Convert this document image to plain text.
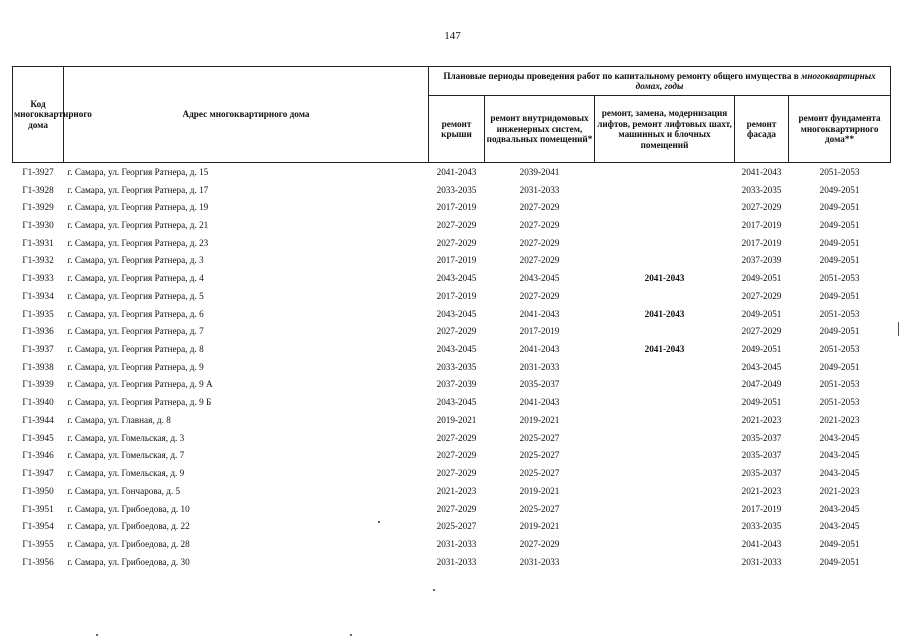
147
Код многоквартирного дома	Адрес многоквартирного дома	Плановые периоды проведения работ по капитальному ремонту общего имущества в многоквартирных домах, годы				
		ремонт крыши	ремонт внутридомовых инженерных систем, подвальных помещений*	ремонт, замена, модернизация лифтов, ремонт лифтовых шахт, машинных и блочных помещений	ремонт фасада	ремонт фундамента многоквартирного дома**
Г1-3927	г. Самара, ул. Георгия Ратнера, д. 15	2041-2043	2039-2041		2041-2043	2051-2053
Г1-3928	г. Самара, ул. Георгия Ратнера, д. 17	2033-2035	2031-2033		2033-2035	2049-2051
Г1-3929	г. Самара, ул. Георгия Ратнера, д. 19	2017-2019	2027-2029		2027-2029	2049-2051
Г1-3930	г. Самара, ул. Георгия Ратнера, д. 21	2027-2029	2027-2029		2017-2019	2049-2051
Г1-3931	г. Самара, ул. Георгия Ратнера, д. 23	2027-2029	2027-2029		2017-2019	2049-2051
Г1-3932	г. Самара, ул. Георгия Ратнера, д. 3	2017-2019	2027-2029		2037-2039	2049-2051
Г1-3933	г. Самара, ул. Георгия Ратнера, д. 4	2043-2045	2043-2045	2041-2043	2049-2051	2051-2053
Г1-3934	г. Самара, ул. Георгия Ратнера, д. 5	2017-2019	2027-2029		2027-2029	2049-2051
Г1-3935	г. Самара, ул. Георгия Ратнера, д. 6	2043-2045	2041-2043	2041-2043	2049-2051	2051-2053
Г1-3936	г. Самара, ул. Георгия Ратнера, д. 7	2027-2029	2017-2019		2027-2029	2049-2051
Г1-3937	г. Самара, ул. Георгия Ратнера, д. 8	2043-2045	2041-2043	2041-2043	2049-2051	2051-2053
Г1-3938	г. Самара, ул. Георгия Ратнера, д. 9	2033-2035	2031-2033		2043-2045	2049-2051
Г1-3939	г. Самара, ул. Георгия Ратнера, д. 9 А	2037-2039	2035-2037		2047-2049	2051-2053
Г1-3940	г. Самара, ул. Георгия Ратнера, д. 9 Б	2043-2045	2041-2043		2049-2051	2051-2053
Г1-3944	г. Самара, ул. Главная, д. 8	2019-2021	2019-2021		2021-2023	2021-2023
Г1-3945	г. Самара, ул. Гомельская, д. 3	2027-2029	2025-2027		2035-2037	2043-2045
Г1-3946	г. Самара, ул. Гомельская, д. 7	2027-2029	2025-2027		2035-2037	2043-2045
Г1-3947	г. Самара, ул. Гомельская, д. 9	2027-2029	2025-2027		2035-2037	2043-2045
Г1-3950	г. Самара, ул. Гончарова, д. 5	2021-2023	2019-2021		2021-2023	2021-2023
Г1-3951	г. Самара, ул. Грибоедова, д. 10	2027-2029	2025-2027		2017-2019	2043-2045
Г1-3954	г. Самара, ул. Грибоедова, д. 22	2025-2027	2019-2021		2033-2035	2043-2045
Г1-3955	г. Самара, ул. Грибоедова, д. 28	2031-2033	2027-2029		2041-2043	2049-2051
Г1-3956	г. Самара, ул. Грибоедова, д. 30	2031-2033	2031-2033		2031-2033	2049-2051
